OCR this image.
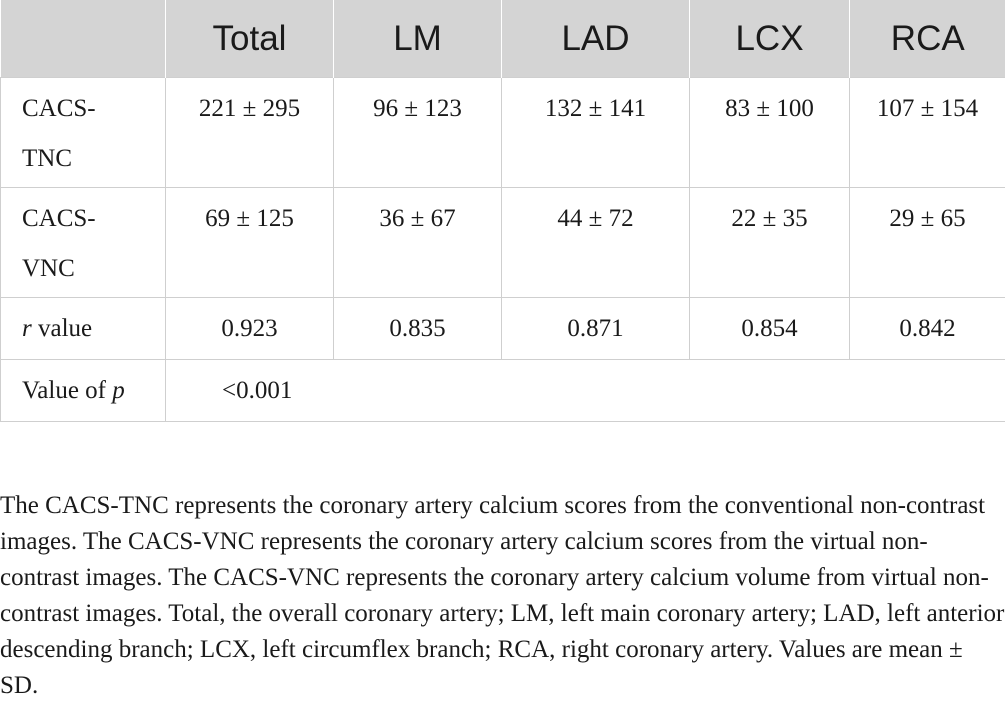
	Total	LM	LAD	LCX	RCA

CACS-
TNC	221 ± 295	96 ± 123	132 ± 141	83 ± 100	107 ± 154

CACS-
VNC	69 ± 125	36 ± 67	44 ± 72	22 ± 35	29 ± 65
r value	0.923	0.835	0.871	0.854	0.842
Value of p	<0.001				

The CACS-TNC represents the coronary artery calcium scores from the conventional non-contrast images. The CACS-VNC represents the coronary artery calcium scores from the virtual non-contrast images. The CACS-VNC represents the coronary artery calcium volume from virtual non-contrast images. Total, the overall coronary artery; LM, left main coronary artery; LAD, left anterior descending branch; LCX, left circumflex branch; RCA, right coronary artery. Values are mean ± SD.
